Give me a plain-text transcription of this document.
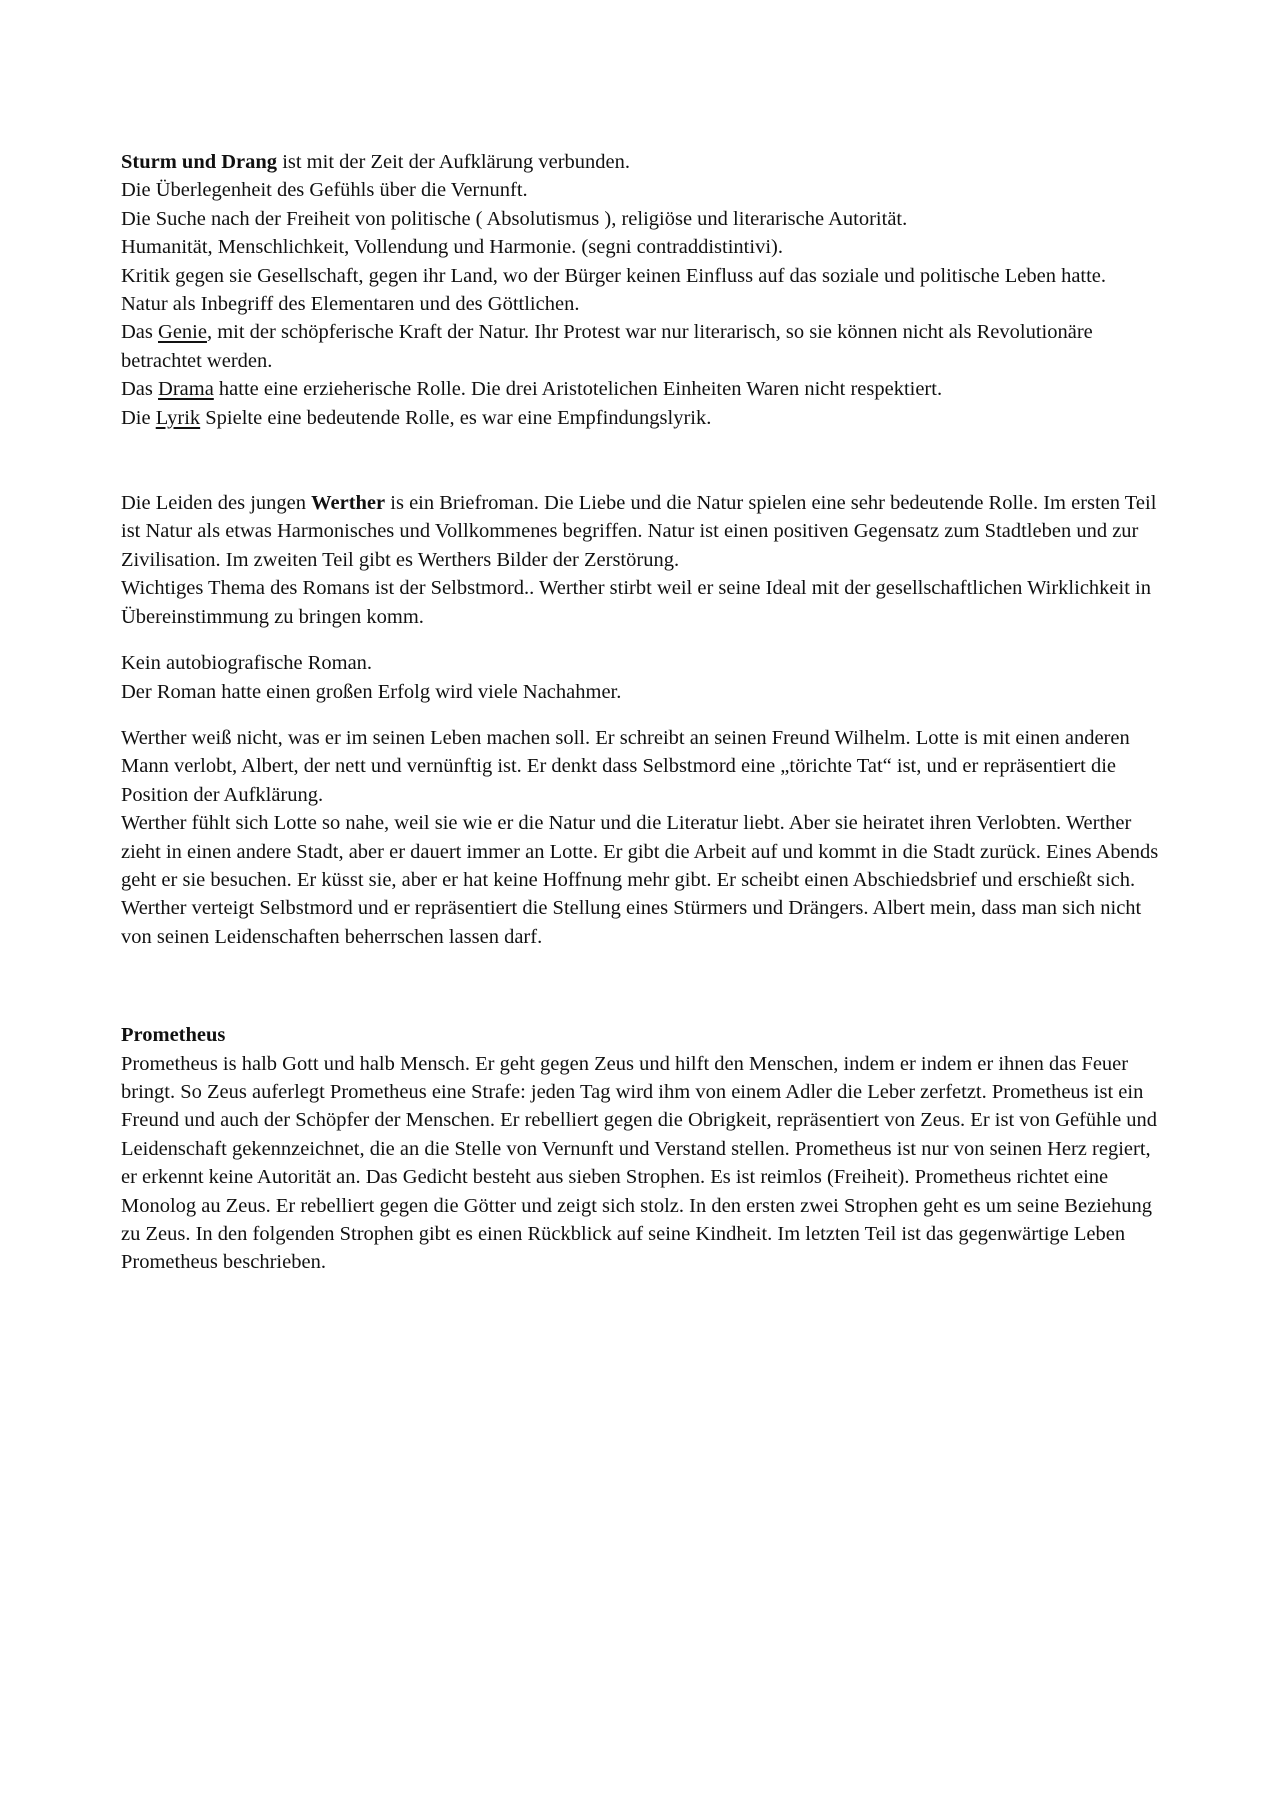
Sturm und Drang ist mit der Zeit der Aufklärung verbunden.
Die Überlegenheit des Gefühls über die Vernunft.
Die Suche nach der Freiheit von politische ( Absolutismus ), religiöse und literarische Autorität.
Humanität, Menschlichkeit, Vollendung und Harmonie. (segni contraddistintivi).
Kritik gegen sie Gesellschaft, gegen ihr Land, wo der Bürger keinen Einfluss auf das soziale und politische Leben hatte.
Natur als Inbegriff des Elementaren und des Göttlichen.
Das Genie, mit der schöpferische Kraft der Natur. Ihr Protest war nur literarisch, so sie können nicht als Revolutionäre betrachtet werden.
Das Drama hatte eine erzieherische Rolle. Die drei Aristotelichen Einheiten Waren nicht respektiert.
Die Lyrik Spielte eine bedeutende Rolle, es war eine Empfindungslyrik.
Die Leiden des jungen Werther is ein Briefroman. Die Liebe und die Natur spielen eine sehr bedeutende Rolle. Im ersten Teil ist Natur als etwas Harmonisches und Vollkommenes begriffen. Natur ist einen positiven Gegensatz zum Stadtleben und zur Zivilisation. Im zweiten Teil gibt es Werthers Bilder der Zerstörung.
Wichtiges Thema des Romans ist der Selbstmord.. Werther stirbt weil er seine Ideal mit der gesellschaftlichen Wirklichkeit in Übereinstimmung zu bringen komm.
Kein autobiografische Roman.
Der Roman hatte einen großen Erfolg wird viele Nachahmer.
Werther weiß nicht, was er im seinen Leben machen soll. Er schreibt an seinen Freund Wilhelm. Lotte is mit einen anderen Mann verlobt, Albert, der nett und vernünftig ist. Er denkt dass Selbstmord eine „törichte Tat“ ist, und er repräsentiert die Position der Aufklärung.
Werther fühlt sich Lotte so nahe, weil sie wie er die Natur und die Literatur liebt. Aber sie heiratet ihren Verlobten. Werther zieht in einen andere Stadt, aber er dauert immer an Lotte. Er gibt die Arbeit auf und kommt in die Stadt zurück. Eines Abends geht er sie besuchen. Er küsst sie, aber er hat keine Hoffnung mehr gibt. Er scheibt einen Abschiedsbrief und erschießt sich.
Werther verteigt Selbstmord und er repräsentiert die Stellung eines Stürmers und Drängers. Albert mein, dass man sich nicht von seinen Leidenschaften beherrschen lassen darf.
Prometheus
Prometheus is halb Gott und halb Mensch. Er geht gegen Zeus und hilft den Menschen, indem er indem er ihnen das Feuer bringt. So Zeus auferlegt Prometheus eine Strafe: jeden Tag wird ihm von einem Adler die Leber zerfetzt. Prometheus ist ein Freund und auch der Schöpfer der Menschen. Er rebelliert gegen die Obrigkeit, repräsentiert von Zeus. Er ist von Gefühle und Leidenschaft gekennzeichnet, die an die Stelle von Vernunft und Verstand stellen. Prometheus ist nur von seinen Herz regiert, er erkennt keine Autorität an. Das Gedicht besteht aus sieben Strophen. Es ist reimlos (Freiheit). Prometheus richtet eine Monolog au Zeus. Er rebelliert gegen die Götter und zeigt sich stolz. In den ersten zwei Strophen geht es um seine Beziehung zu Zeus. In den folgenden Strophen gibt es einen Rückblick auf seine Kindheit. Im letzten Teil ist das gegenwärtige Leben Prometheus beschrieben.
